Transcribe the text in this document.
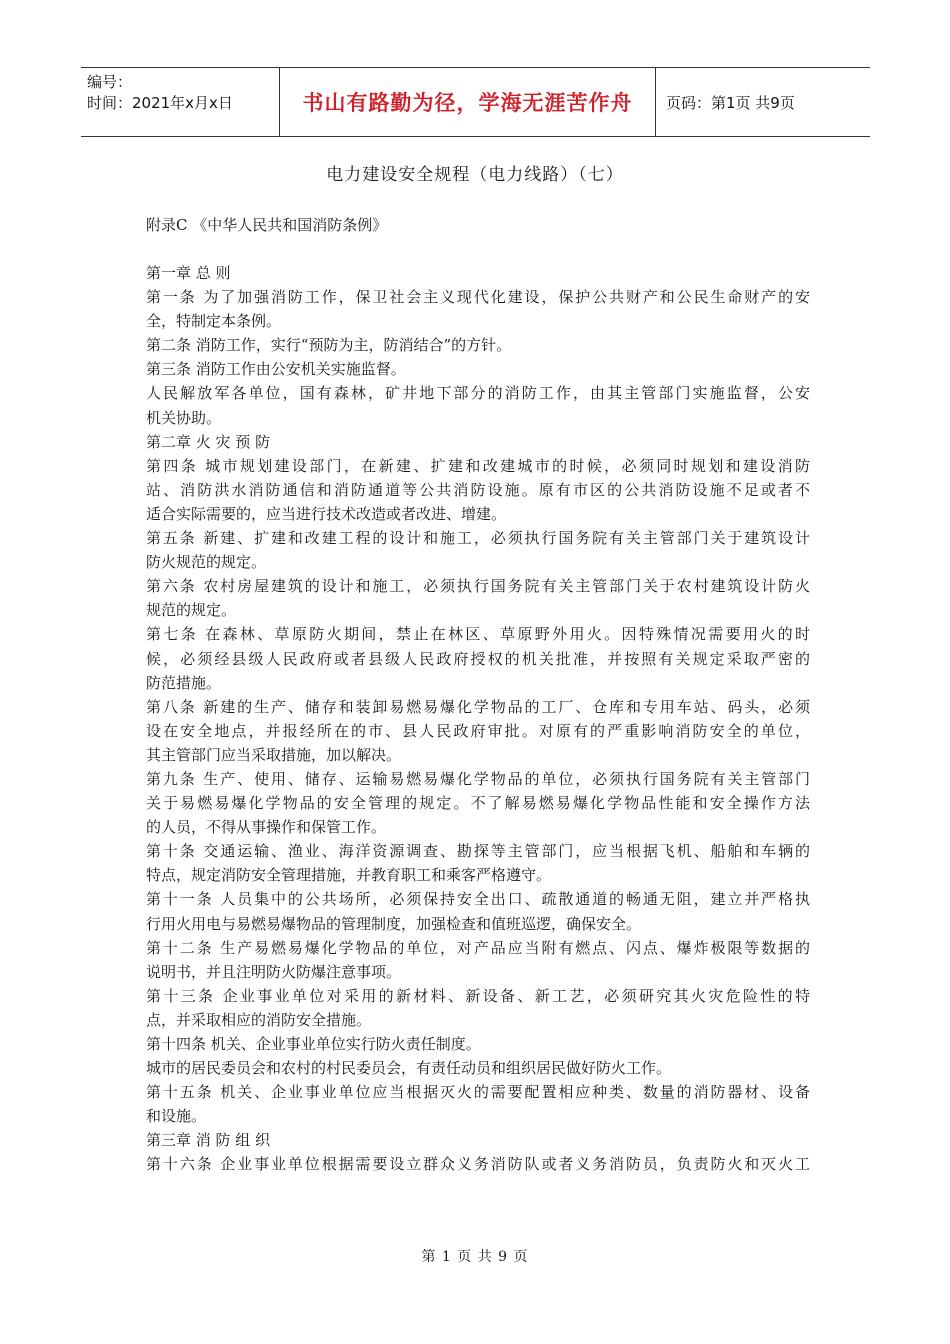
编号：
时间：2021年x月x日	书山有路勤为径，学海无涯苦作舟	页码：第1页 共9页
电力建设安全规程（电力线路）（七）
附录C 《中华人民共和国消防条例》
第一章 总 则
第一条 为了加强消防工作，保卫社会主义现代化建设，保护公共财产和公民生命财产的安
全，特制定本条例。
第二条 消防工作，实行“预防为主，防消结合”的方针。
第三条 消防工作由公安机关实施监督。
人民解放军各单位，国有森林，矿井地下部分的消防工作，由其主管部门实施监督，公安
机关协助。
第二章 火 灾 预 防
第四条 城市规划建设部门，在新建、扩建和改建城市的时候，必须同时规划和建设消防
站、消防洪水消防通信和消防通道等公共消防设施。原有市区的公共消防设施不足或者不
适合实际需要的，应当进行技术改造或者改进、增建。
第五条 新建、扩建和改建工程的设计和施工，必须执行国务院有关主管部门关于建筑设计
防火规范的规定。
第六条 农村房屋建筑的设计和施工，必须执行国务院有关主管部门关于农村建筑设计防火
规范的规定。
第七条 在森林、草原防火期间，禁止在林区、草原野外用火。因特殊情况需要用火的时
候，必须经县级人民政府或者县级人民政府授权的机关批准，并按照有关规定采取严密的
防范措施。
第八条 新建的生产、储存和装卸易燃易爆化学物品的工厂、仓库和专用车站、码头，必须
设在安全地点，并报经所在的市、县人民政府审批。对原有的严重影响消防安全的单位，
其主管部门应当采取措施，加以解决。
第九条 生产、使用、储存、运输易燃易爆化学物品的单位，必须执行国务院有关主管部门
关于易燃易爆化学物品的安全管理的规定。不了解易燃易爆化学物品性能和安全操作方法
的人员，不得从事操作和保管工作。
第十条 交通运输、渔业、海洋资源调查、勘探等主管部门，应当根据飞机、船舶和车辆的
特点，规定消防安全管理措施，并教育职工和乘客严格遵守。
第十一条 人员集中的公共场所，必须保持安全出口、疏散通道的畅通无阻，建立并严格执
行用火用电与易燃易爆物品的管理制度，加强检查和值班巡逻，确保安全。
第十二条 生产易燃易爆化学物品的单位，对产品应当附有燃点、闪点、爆炸极限等数据的
说明书，并且注明防火防爆注意事项。
第十三条 企业事业单位对采用的新材料、新设备、新工艺，必须研究其火灾危险性的特
点，并采取相应的消防安全措施。
第十四条 机关、企业事业单位实行防火责任制度。
城市的居民委员会和农村的村民委员会，有责任动员和组织居民做好防火工作。
第十五条 机关、企业事业单位应当根据灭火的需要配置相应种类、数量的消防器材、设备
和设施。
第三章 消 防 组 织
第十六条 企业事业单位根据需要设立群众义务消防队或者义务消防员，负责防火和灭火工
第 1 页 共 9 页
